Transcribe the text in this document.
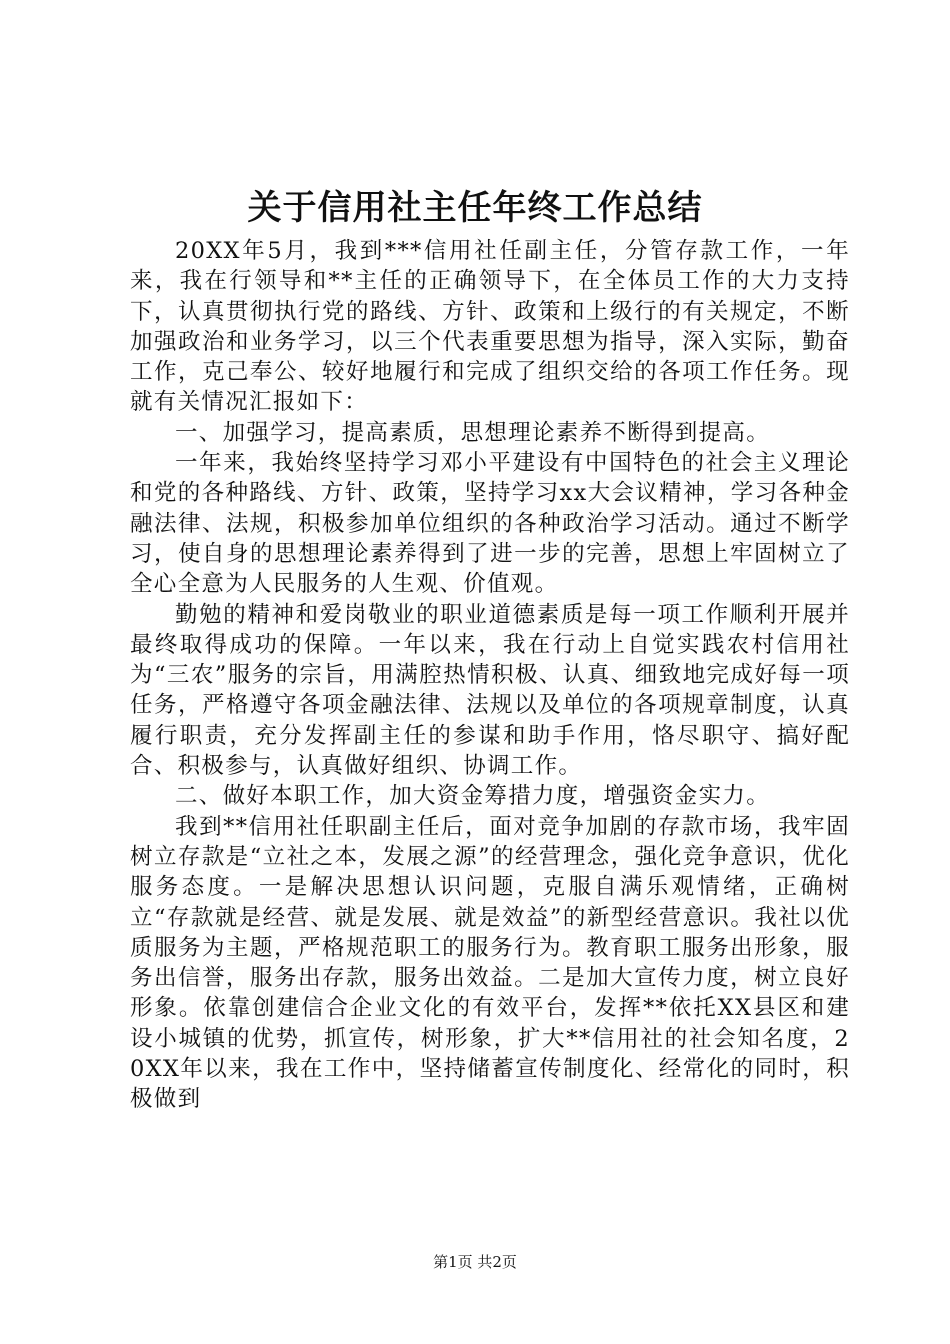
关于信用社主任年终工作总结

20XX年5月，我到***信用社任副主任，分管存款工作，一年来，我在行领导和**主任的正确领导下，在全体员工作的大力支持下，认真贯彻执行党的路线、方针、政策和上级行的有关规定，不断加强政治和业务学习，以三个代表重要思想为指导，深入实际，勤奋工作，克己奉公、较好地履行和完成了组织交给的各项工作任务。现就有关情况汇报如下：

一、加强学习，提高素质，思想理论素养不断得到提高。

一年来，我始终坚持学习邓小平建设有中国特色的社会主义理论和党的各种路线、方针、政策，坚持学习xx大会议精神，学习各种金融法律、法规，积极参加单位组织的各种政治学习活动。通过不断学习，使自身的思想理论素养得到了进一步的完善，思想上牢固树立了全心全意为人民服务的人生观、价值观。

勤勉的精神和爱岗敬业的职业道德素质是每一项工作顺利开展并最终取得成功的保障。一年以来，我在行动上自觉实践农村信用社为“三农”服务的宗旨，用满腔热情积极、认真、细致地完成好每一项任务，严格遵守各项金融法律、法规以及单位的各项规章制度，认真履行职责，充分发挥副主任的参谋和助手作用，恪尽职守、搞好配合、积极参与，认真做好组织、协调工作。

二、做好本职工作，加大资金筹措力度，增强资金实力。

我到**信用社任职副主任后，面对竞争加剧的存款市场，我牢固树立存款是“立社之本，发展之源”的经营理念，强化竞争意识，优化服务态度。一是解决思想认识问题，克服自满乐观情绪，正确树立“存款就是经营、就是发展、就是效益”的新型经营意识。我社以优质服务为主题，严格规范职工的服务行为。教育职工服务出形象，服务出信誉，服务出存款，服务出效益。二是加大宣传力度，树立良好形象。依靠创建信合企业文化的有效平台，发挥**依托XX县区和建设小城镇的优势，抓宣传，树形象，扩大**信用社的社会知名度，20XX年以来，我在工作中，坚持储蓄宣传制度化、经常化的同时，积极做到

第1页 共2页
